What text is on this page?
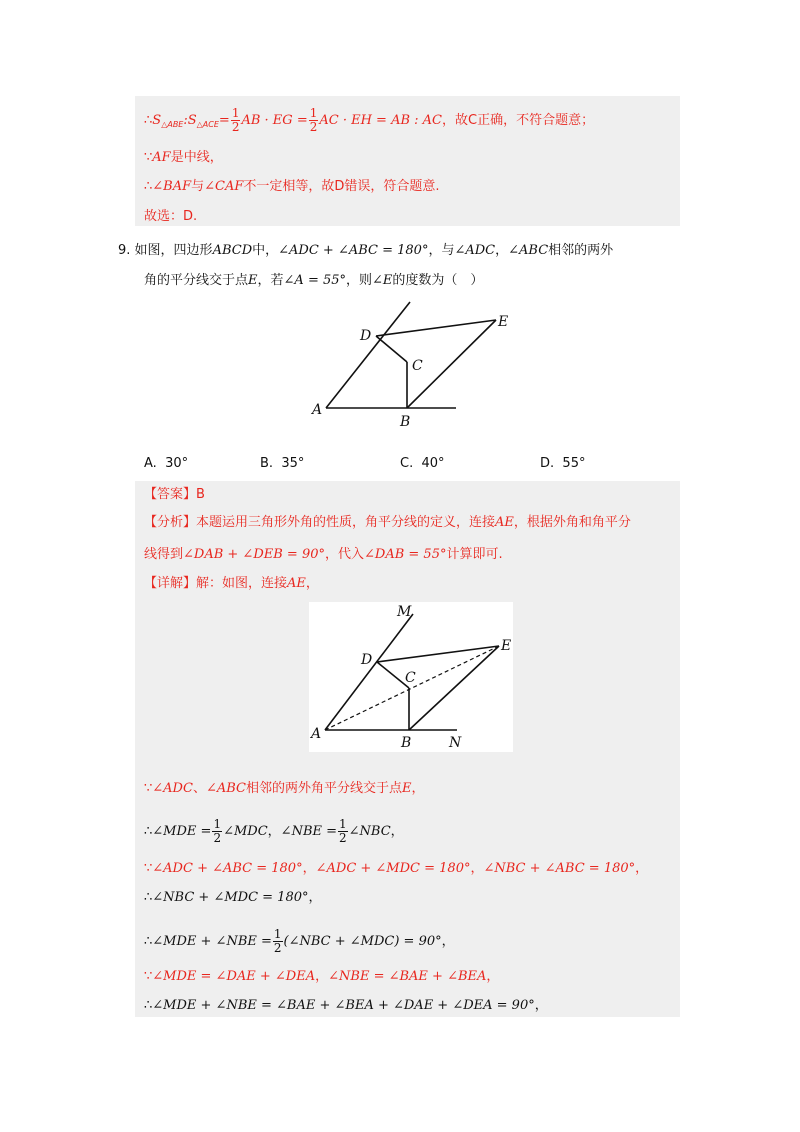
$\therefore S_{\triangle ABE}:S_{\triangle ACE}= \frac{1}{2}$ AB · EG = $\frac{1}{2}$ AC · EH = AB : AC，故C正确，不符合题意；
∵AF是中线，
∴∠BAF与∠CAF不一定相等，故D错误，符合题意.
故选：D.
9. 如图，四边形ABCD中，∠ADC + ∠ABC = 180°，与∠ADC，∠ABC相邻的两外
角的平分线交于点E，若∠A = 55°，则∠E的度数为（　）
A
B
C
D
E
A. 30°	B. 35°	C. 40°	D. 55°
【答案】B
【分析】本题运用三角形外角的性质，角平分线的定义，连接AE，根据外角和角平分
线得到∠DAB + ∠DEB = 90°，代入∠DAB = 55°计算即可.
【详解】解：如图，连接AE，
M
D
E
C
A
B	N
∵∠ADC、∠ABC相邻的两外角平分线交于点E，
∴∠MDE = $\frac{1}{2}$ ∠MDC，∠NBE = $\frac{1}{2}$ ∠NBC，
∵∠ADC + ∠ABC = 180°，∠ADC + ∠MDC = 180°，∠NBC + ∠ABC = 180°，
∴∠NBC + ∠MDC = 180°，
∴∠MDE + ∠NBE = $\frac{1}{2}$ (∠NBC + ∠MDC) = 90°，
∵∠MDE = ∠DAE + ∠DEA，∠NBE = ∠BAE + ∠BEA，
∴∠MDE + ∠NBE = ∠BAE + ∠BEA + ∠DAE + ∠DEA = 90°，
